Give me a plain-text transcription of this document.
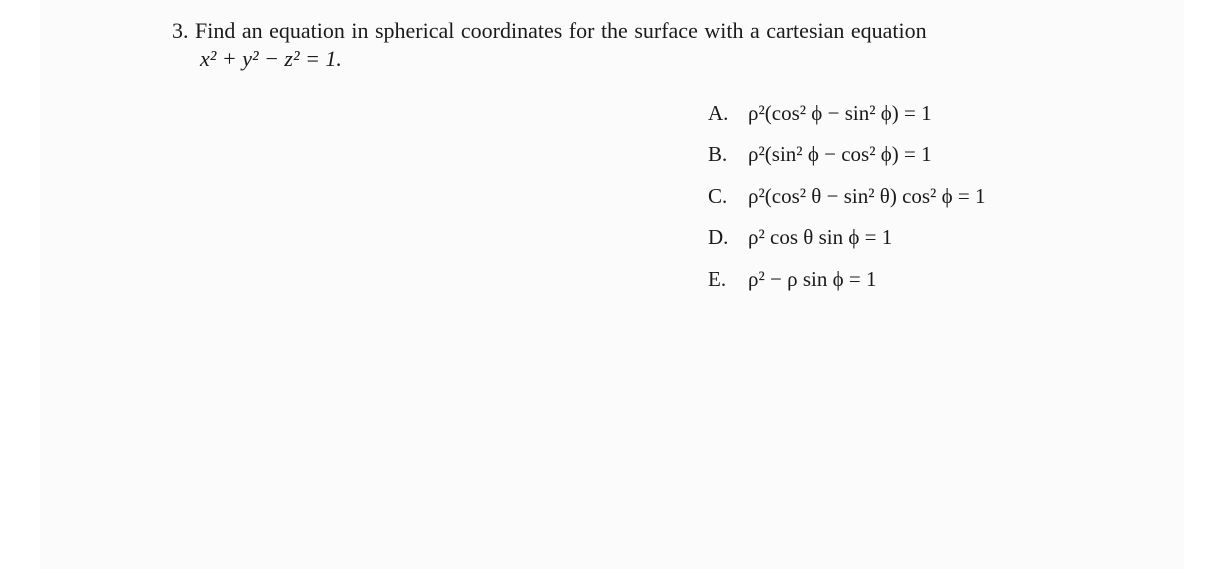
3. Find an equation in spherical coordinates for the surface with a cartesian equation
x² + y² − z² = 1.
A. ρ²(cos² ϕ − sin² ϕ) = 1
B. ρ²(sin² ϕ − cos² ϕ) = 1
C. ρ²(cos² θ − sin² θ) cos² ϕ = 1
D. ρ² cos θ sin ϕ = 1
E.	ρ² − ρ sin ϕ = 1
